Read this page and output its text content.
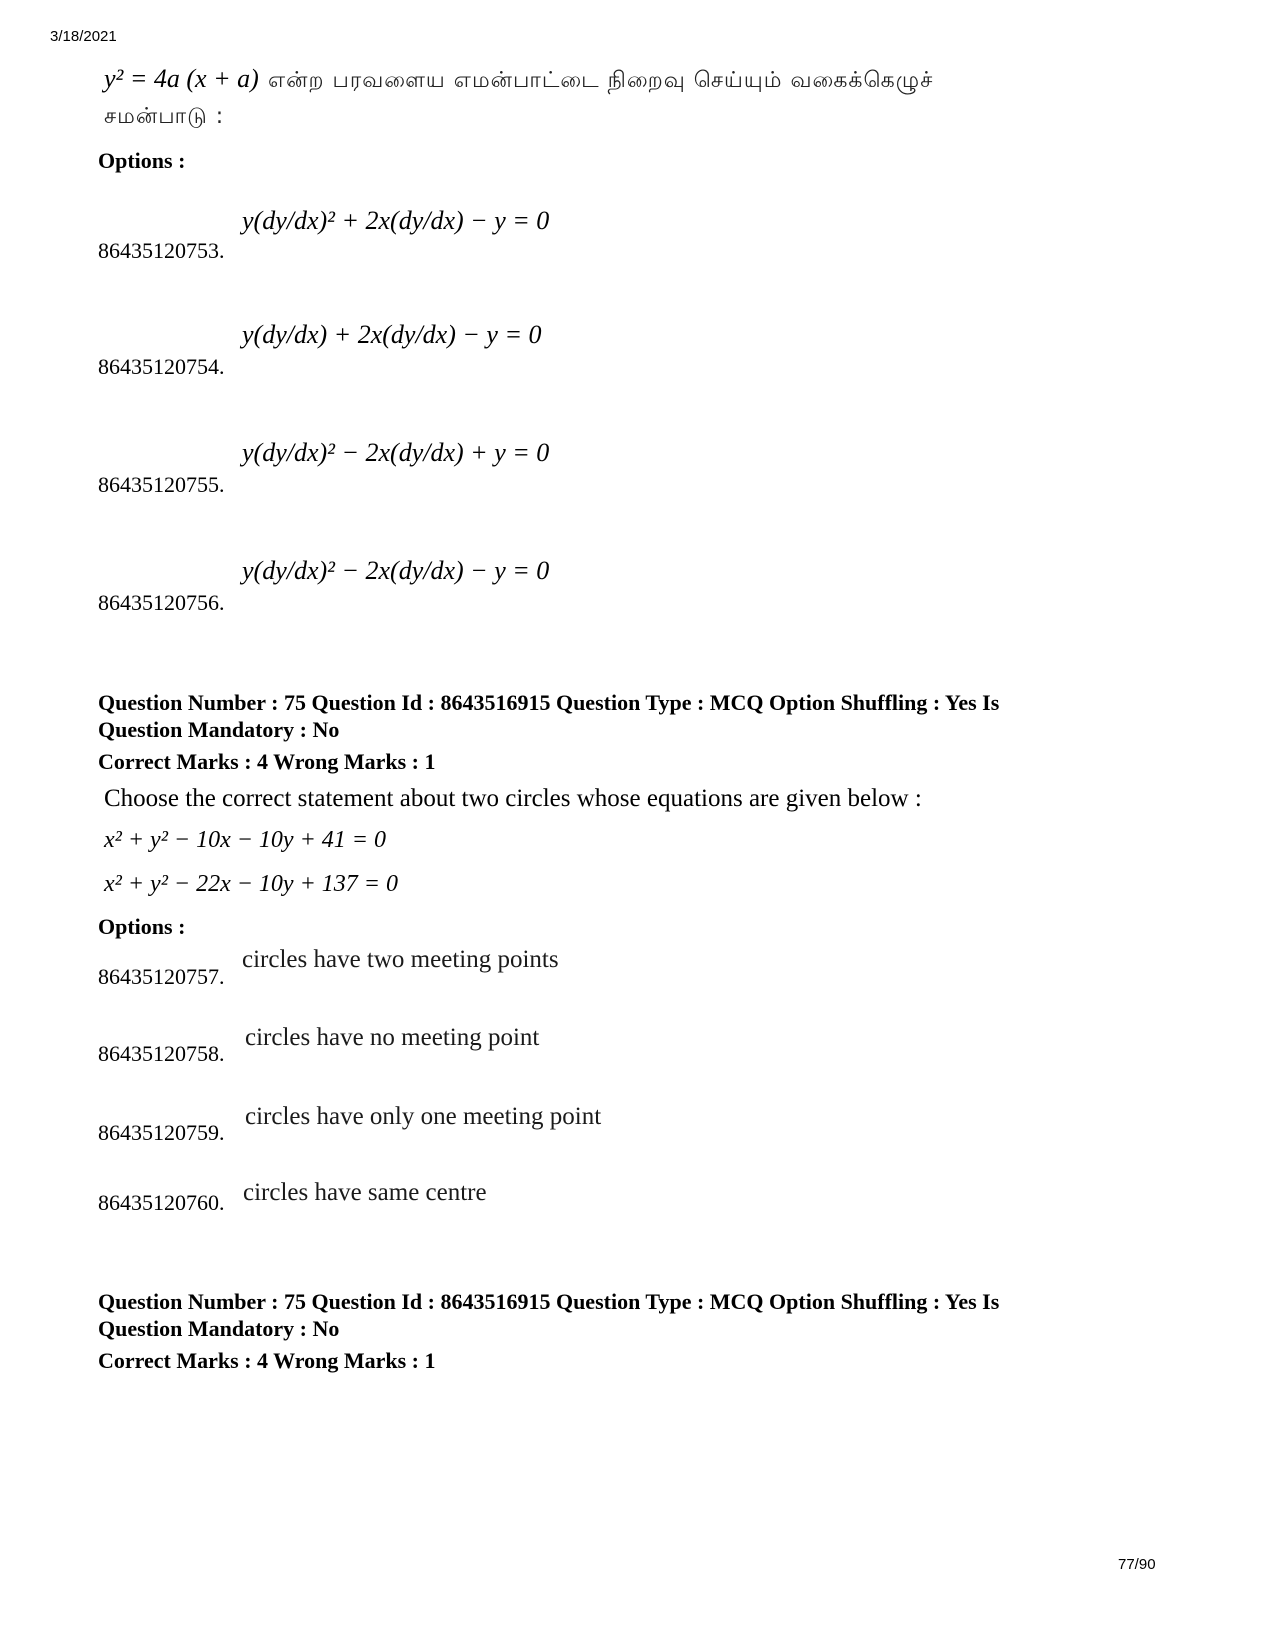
3/18/2021
y² = 4a (x + a) என்ற பரவளைய எமன்பாட்டை நிறைவு செய்யும் வகைக்கெழுச்
சமன்பாடு :
Options :
86435120753.
y(dy/dx)² + 2x(dy/dx) − y = 0
86435120754.
y(dy/dx) + 2x(dy/dx) − y = 0
86435120755.
y(dy/dx)² − 2x(dy/dx) + y = 0
86435120756.
y(dy/dx)² − 2x(dy/dx) − y = 0
Question Number : 75 Question Id : 8643516915 Question Type : MCQ Option Shuffling : Yes Is
Question Mandatory : No
Correct Marks : 4 Wrong Marks : 1
Choose the correct statement about two circles whose equations are given below :
x² + y² − 10x − 10y + 41 = 0
x² + y² − 22x − 10y + 137 = 0
Options :
86435120757.
circles have two meeting points
86435120758.
circles have no meeting point
86435120759.
circles have only one meeting point
86435120760. circles have same centre
Question Number : 75 Question Id : 8643516915 Question Type : MCQ Option Shuffling : Yes Is
Question Mandatory : No
Correct Marks : 4 Wrong Marks : 1
77/90
